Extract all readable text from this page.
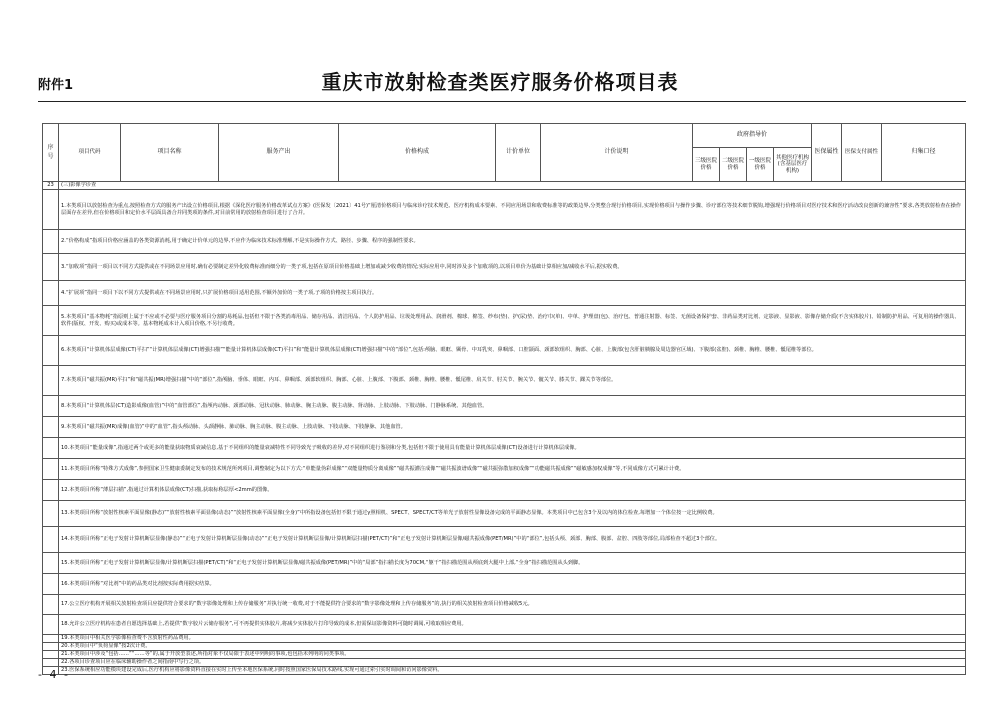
附件1	重庆市放射检查类医疗服务价格项目表
序号	项目代码	项目名称	服务产出	价格构成	计价单位	计价说明	政府指导价				医保属性	医保支付属性	归集口径
							三级医院价格	二级医院价格	一级医院价格	其他医疗机构(含基层医疗机构)			
23	(三)影像学诊查												
	1.本类项目以放射检查为重点,按照检查方式的服务产出设立价格项目,根据《深化医疗服务价格改革试点方案》(医保发〔2021〕41号)“厘清价格项目与临床诊疗技术规范、医疗机构成本要素、不同应用场景和收费标准等的政策边界,分类整合现行价格项目,实现价格项目与操作步骤、诊疗部位等技术细节脱钩,增强现行价格项目对医疗技术和医疗活动改良创新的兼容性”要求,各类放射检查在操作层面存在差异,但在价格项目和定价水平层面具备合并同类项的条件,对目前常用的放射检查项目进行了合并。												
	2.“价格构成”指项目价格应涵盖的各类资源消耗,用于确定计价单元的边界,不应作为临床技术标准理解,不是实际操作方式、路径、步骤、程序的强制性要求。												
	3.“加收项”指同一项目以不同方式提供或在不同场景应用时,确有必要制定差异化收费标准而细分的一类子项,包括在原项目价格基础上增加或减少收费的情况;实际应用中,同时涉及多个加收项的,以项目单价为基础计算相应加/减收水平后,据实收费。												
	4.“扩展项”指同一项目下以不同方式提供或在不同场景应用时,只扩展价格项目适用范围,不额外加价的一类子项,子项的价格按主项目执行。												
	5.本类项目“基本物耗”指原则上属于不应或不必要与医疗服务项目分割的易耗品,包括但不限于各类消毒用品、储存用品、清洁用品、个人防护用品、垃圾处理用品、润滑剂、棉球、棉签、纱布(垫)、护(尿)垫、治疗巾(单)、中单、护理盘(包)、治疗包、普通注射器、标签、无菌设备保护套、非药品类对比剂、定影液、显影液、影像存储介质(不含实体胶片)、铅制防护用品、可复用的操作器具、软件(版权、开发、购买)或成本等。基本物耗成本计入项目价格,不另行收费。												
	6.本类项目“计算机体层成像(CT)平扫”“计算机体层成像(CT)增强扫描”“能量计算机体层成像(CT)平扫”和“能量计算机体层成像(CT)增强扫描”中的“部位”,包括:颅脑、眼眶、颞骨、中耳乳突、鼻咽部、口腔颌面、颈部软组织、胸部、心脏、上腹部(包含肝脏胰腺及周边器官区域)、下腹部(盆腔)、颈椎、胸椎、腰椎、骶尾椎等部位。												
	7.本类项目“磁共振(MR)平扫”和“磁共振(MR)增强扫描”中的“部位”,指颅脑、垂体、眼眶、内耳、鼻咽部、颈部软组织、胸部、心脏、上腹部、下腹部、颈椎、胸椎、腰椎、骶尾椎、肩关节、肘关节、腕关节、髋关节、膝关节、踝关节等部位。												
	8.本类项目“计算机体层(CT)造影成像(血管)”中的“血管部位”,指颅内动脉、颈部动脉、冠状动脉、肺动脉、胸主动脉、腹主动脉、肾动脉、上肢动脉、下肢动脉、门静脉系统、其他血管。												
	9.本类项目“磁共振(MR)成像(血管)”中的“血管”,指头颅动脉、头颈静脉、肺动脉、胸主动脉、腹主动脉、上肢动脉、下肢动脉、下肢静脉、其他血管。												
	10.本类项目“能量成像”,指通过两个或更多的能量获取物质衰减信息,基于不同组织的能量衰减特性不同导致光子吸收的差异,对不同组织进行鉴别和分类,包括但不限于使用具有能量计算机体层成像(CT)设备进行计算机体层成像。												
	11.本类项目所称“特殊方式成像”,参照国家卫生健康委制定发布的技术规范所列项目,调整制定为以下方式:“单能量伪彩成像”“双能量物质分离成像”“磁共振灌注成像”“磁共振波谱成像”“磁共振弥散加权成像”“功能磁共振成像”“磁敏感加权成像”等,不同成像方式可累计计费。												
	12.本类项目所称“薄层扫描”,指通过计算机体层成像(CT)扫描,获取标称层厚<2mm的图像。												
	13.本类项目所称“放射性核素平面显像(静态)”“放射性核素平面显像(动态)”“放射性核素平面显像(全身)”中所指设备包括但不限于通过γ照相机、SPECT、SPECT/CT等单光子放射性显像设备完成的平面静态显像。本类项目中已包含3个及以内的体位检查,每增加一个体位按一定比例收费。												
	14.本类项目所称“正电子发射计算机断层显像(静态)”“正电子发射计算机断层显像(动态)”“正电子发射计算机断层显像/计算机断层扫描(PET/CT)”和“正电子发射计算机断层显像/磁共振成像(PET/MR)”中的“部位”,包括头颅、颈部、胸部、腹部、盆腔、四肢等部位,局部检查不超过3个部位。												
	15.本类项目所称“正电子发射计算机断层显像/计算机断层扫描(PET/CT)”和“正电子发射计算机断层显像/磁共振成像(PET/MR)”中的“局部”指扫描长度为70CM,“躯干”指扫描范围从颅底到大腿中上部,“全身”指扫描范围从头到脚。												
	16.本类项目所称“对比剂”中的药品类对比剂按实际费用据实结算。												
	17.公立医疗机构开展相关放射检查项目应提供符合要求的“数字影像处理和上传存储服务”并执行统一收费,对于不能提供符合要求的“数字影像处理和上传存储服务”的,执行的相关放射检查项目价格减收5元。												
	18.允许公立医疗机构在患者自愿选择基础上,若提供“数字胶片云储存服务”,可不再提供实体胶片,将减少实体胶片打印导致的成本,但需保证影像资料可随时调阅,可收取相应费用。												
	19.本类项目中相关医学影像检查费不含放射性药品费用。												
	20.本类项目中“负荷显像”按2次计费。												
	21.本类项目中涉及“包括……”“……等”的,属于开放型表述,所指对象不仅局限于表述中列明的事项,也包括未列明的同类事项。												
	22.各项目诊查项目应在临床辅助操作者之间指南中写行之项。												
	23.医保系统相应功能模块建设完成后,医疗机构应将影像资料直接在实时上传至本地医保系统,同时按照国家医保局技术路线,实现可通过索引实时调阅和访问影像资料。												
- 4 -
